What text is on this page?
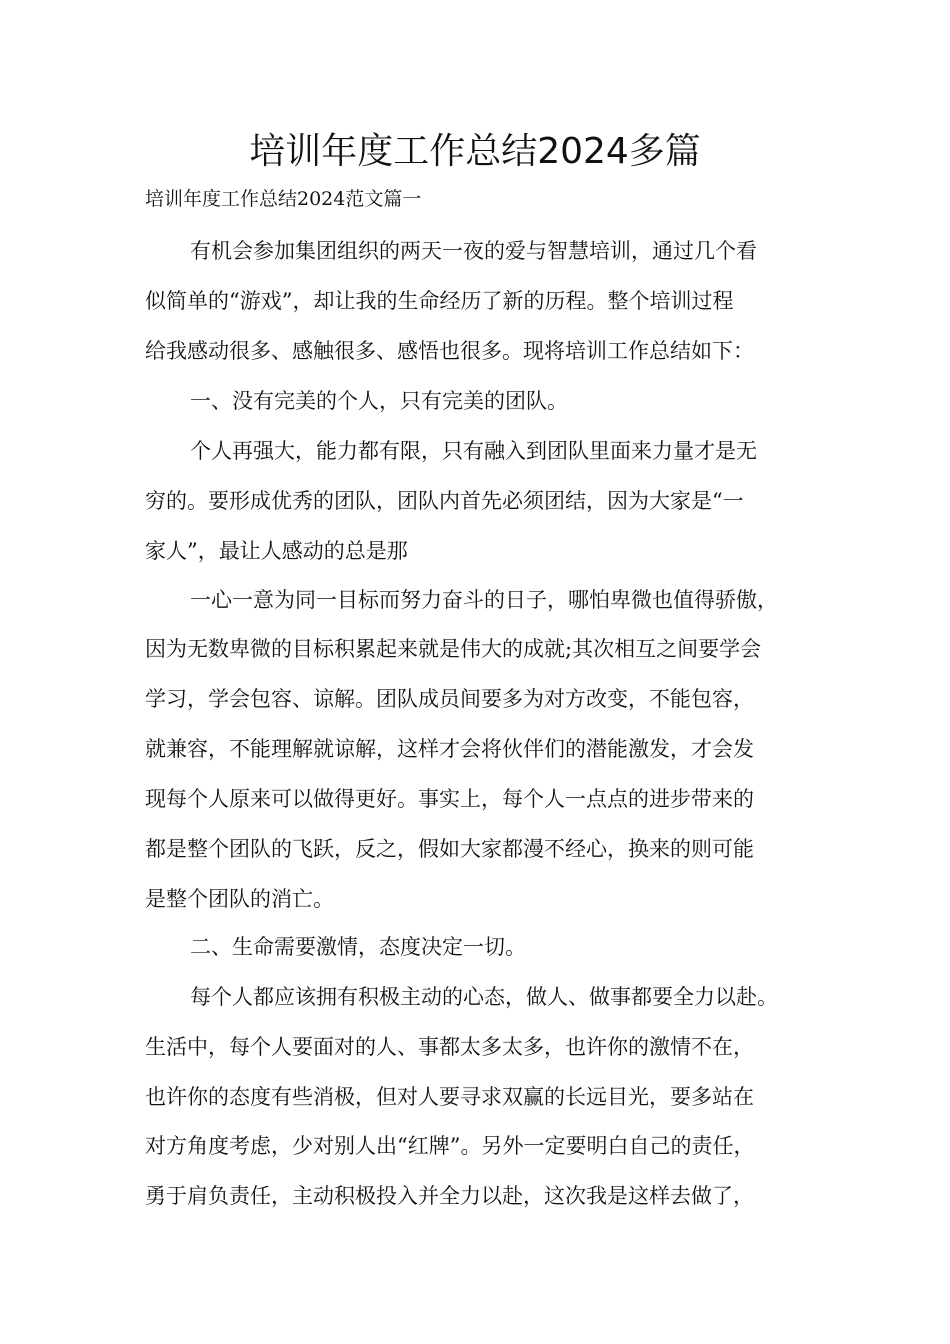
培训年度工作总结2024多篇

培训年度工作总结2024范文篇一

有机会参加集团组织的两天一夜的爱与智慧培训，通过几个看

似简单的“游戏”，却让我的生命经历了新的历程。整个培训过程

给我感动很多、感触很多、感悟也很多。现将培训工作总结如下：

一、没有完美的个人，只有完美的团队。

个人再强大，能力都有限，只有融入到团队里面来力量才是无

穷的。要形成优秀的团队，团队内首先必须团结，因为大家是“一

家人”，最让人感动的总是那

一心一意为同一目标而努力奋斗的日子，哪怕卑微也值得骄傲，

因为无数卑微的目标积累起来就是伟大的成就;其次相互之间要学会

学习，学会包容、谅解。团队成员间要多为对方改变，不能包容，

就兼容，不能理解就谅解，这样才会将伙伴们的潜能激发，才会发

现每个人原来可以做得更好。事实上，每个人一点点的进步带来的

都是整个团队的飞跃，反之，假如大家都漫不经心，换来的则可能

是整个团队的消亡。

二、生命需要激情，态度决定一切。

每个人都应该拥有积极主动的心态，做人、做事都要全力以赴。

生活中，每个人要面对的人、事都太多太多，也许你的激情不在，

也许你的态度有些消极，但对人要寻求双赢的长远目光，要多站在

对方角度考虑，少对别人出“红牌”。另外一定要明白自己的责任，

勇于肩负责任，主动积极投入并全力以赴，这次我是这样去做了，
